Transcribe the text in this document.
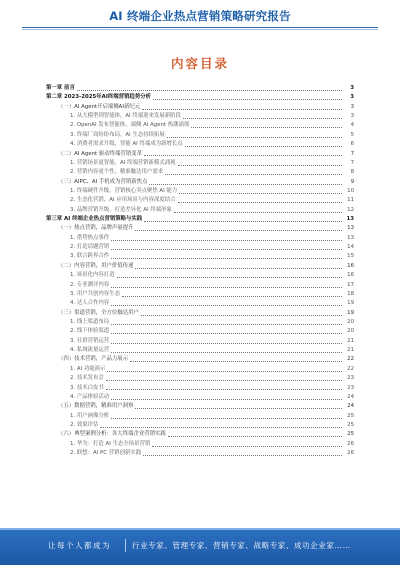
AI 终端企业热点营销策略研究报告
内容目录
第一章 前言	3
第二章 2023-2025年AI终端营销趋势分析	3
（一）AI Agent开启端侧AI新纪元	3
1. 从大模型到智能体，AI 终端迎来发展新阶段	3
2. OpenAI 发布智能体，端侧 AI Agent 热潮涌现	4
3. 终端厂商纷纷布局，AI 生态持续拓展	5
4. 消费者需求升级，智能 AI 终端成为新增长点	6
（二）AI Agent 驱动终端营销变革	7
1. 营销场景更智能，AI 终端营销新模式涌现	7
2. 营销内容更个性，精准触达用户需求	8
（三）AIPC、AI 手机成为营销新焦点	9
1. 终端硬件升级，营销核心卖点聚焦 AI 能力	10
2. 生态化营销，AI 应用场景与内容深度结合	11
3. 品牌营销升级，打造差异化 AI 终端形象	12
第三章 AI 终端企业热点营销策略与实践	13
（一）热点营销，品牌声量提升	13
1. 借势热点事件	13
2. 打造话题营销	14
3. 联合跨界合作	15
（二）内容营销，用户价值传递	16
1. 场景化内容打造	16
2. 专业测评内容	17
3. 用户共创内容生态	18
4. 达人合作内容	19
（三）渠道营销，全方位触达用户	19
1. 线上渠道布局	20
2. 线下体验渠道	20
3. 社群营销运营	21
4. 私域流量运营	21
（四）技术营销，产品力展示	22
1. AI 功能演示	22
2. 技术发布会	23
3. 技术白皮书	23
4. 产品体验活动	24
（五）数据营销，精准用户洞察	24
1. 用户画像分析	25
2. 效果评估	25
（六）典型案例分析：各大终端企业营销实践	25
1. 华为：打造 AI 生态全场景营销	26
2. 联想：AI PC 营销创新实践	26
让每个人都成为	行业专家、管理专家、营销专家、战略专家、成功企业家……
